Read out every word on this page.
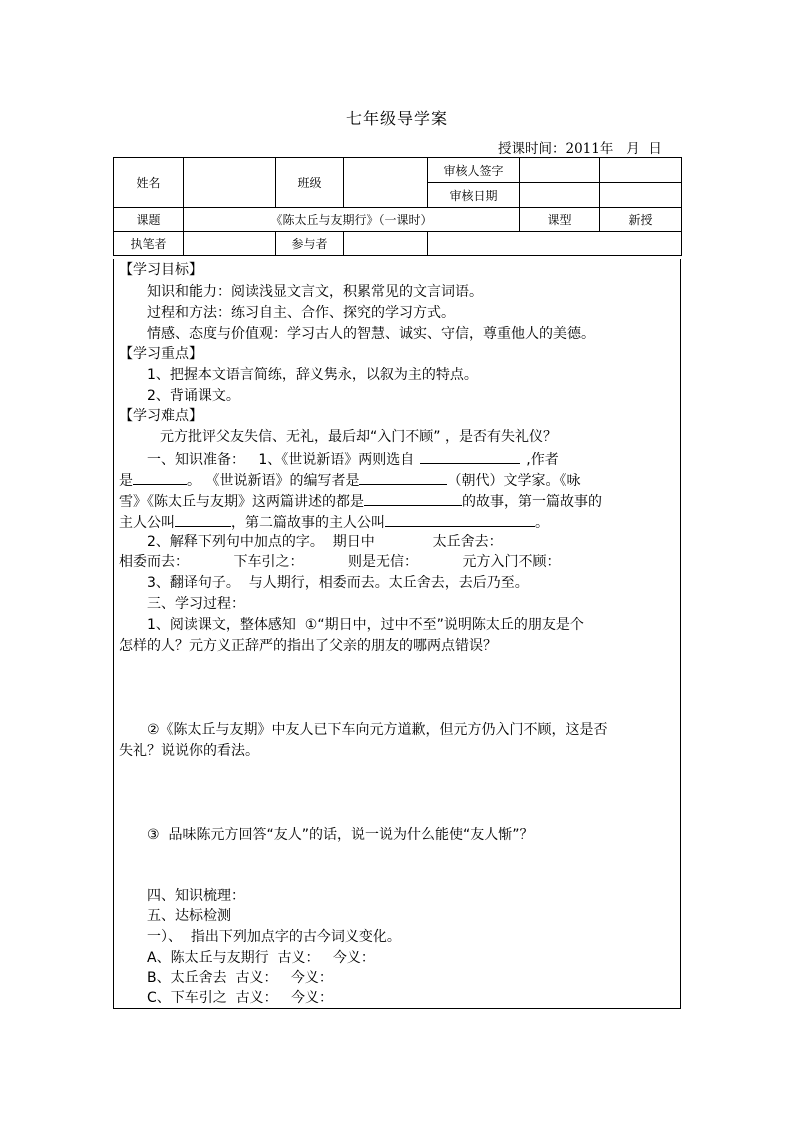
七年级导学案
授课时间：2011年   月  日
姓名		班级		审核人签字		
				审核日期		
课题	《陈太丘与友期行》（一课时）				课型	新授
执笔者		参与者				
【学习目标】
知识和能力：阅读浅显文言文，积累常见的文言词语。
过程和方法：练习自主、合作、探究的学习方式。
情感、态度与价值观：学习古人的智慧、诚实、守信，尊重他人的美德。
【学习重点】
1、把握本文语言简练，辞义隽永，以叙为主的特点。
2、背诵课文。
【学习难点】
元方批评父友失信、无礼，最后却“入门不顾” ，是否有失礼仪？
一、知识准备：   1、《世说新语》两则选自	,作者
是	。 《世说新语》的编写者是	（朝代）文学家。《咏
雪》《陈太丘与友期》这两篇讲述的都是	的故事，第一篇故事的
主人公叫	，第二篇故事的主人公叫	。
2、解释下列句中加点的字。  期日中             太丘舍去：
相委而去：          下车引之：          则是无信：          元方入门不顾：
3、翻译句子。  与人期行，相委而去。太丘舍去，去后乃至。
三、学习过程：
1、阅读课文，整体感知  ①“期日中，过中不至”说明陈太丘的朋友是个
怎样的人？元方义正辞严的指出了父亲的朋友的哪两点错误？
②《陈太丘与友期》中友人已下车向元方道歉，但元方仍入门不顾，这是否
失礼？说说你的看法。
③  品味陈元方回答“友人”的话，说一说为什么能使“友人惭”？
四、知识梳理：
五、达标检测
一）、  指出下列加点字的古今词义变化。
A、陈太丘与友期行  古义：   今义：
B、太丘舍去  古义：   今义：
C、下车引之  古义：   今义：
